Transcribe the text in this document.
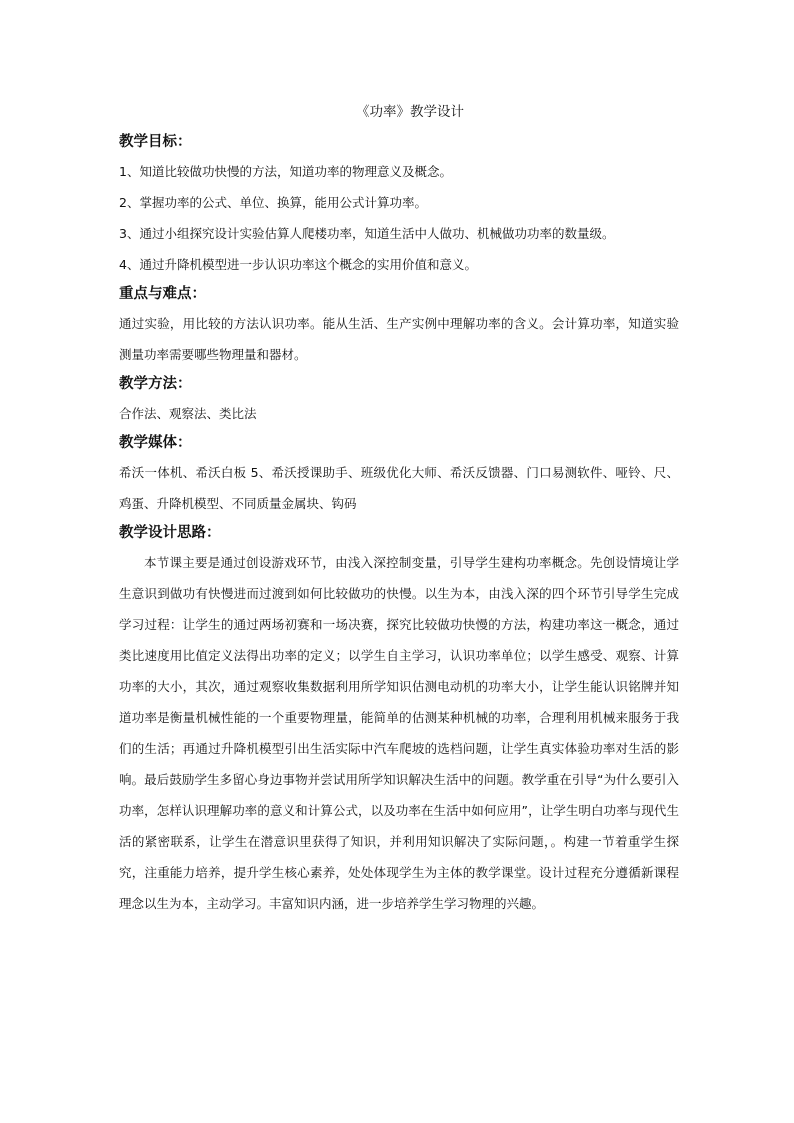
《功率》教学设计
教学目标：
1、知道比较做功快慢的方法，知道功率的物理意义及概念。
2、掌握功率的公式、单位、换算，能用公式计算功率。
3、通过小组探究设计实验估算人爬楼功率，知道生活中人做功、机械做功功率的数量级。
4、通过升降机模型进一步认识功率这个概念的实用价值和意义。
重点与难点：
通过实验，用比较的方法认识功率。能从生活、生产实例中理解功率的含义。会计算功率，知道实验测量功率需要哪些物理量和器材。
教学方法：
合作法、观察法、类比法
教学媒体：
希沃一体机、希沃白板 5、希沃授课助手、班级优化大师、希沃反馈器、门口易测软件、哑铃、尺、鸡蛋、升降机模型、不同质量金属块、钩码
教学设计思路：
本节课主要是通过创设游戏环节，由浅入深控制变量，引导学生建构功率概念。先创设情境让学生意识到做功有快慢进而过渡到如何比较做功的快慢。以生为本，由浅入深的四个环节引导学生完成学习过程：让学生的通过两场初赛和一场决赛，探究比较做功快慢的方法，构建功率这一概念，通过类比速度用比值定义法得出功率的定义；以学生自主学习，认识功率单位；以学生感受、观察、计算功率的大小，其次，通过观察收集数据利用所学知识估测电动机的功率大小，让学生能认识铭牌并知道功率是衡量机械性能的一个重要物理量，能简单的估测某种机械的功率，合理利用机械来服务于我们的生活；再通过升降机模型引出生活实际中汽车爬坡的选档问题，让学生真实体验功率对生活的影响。最后鼓励学生多留心身边事物并尝试用所学知识解决生活中的问题。教学重在引导“为什么要引入功率，怎样认识理解功率的意义和计算公式，以及功率在生活中如何应用”，让学生明白功率与现代生活的紧密联系，让学生在潜意识里获得了知识，并利用知识解决了实际问题，。构建一节着重学生探究，注重能力培养，提升学生核心素养，处处体现学生为主体的教学课堂。设计过程充分遵循新课程理念以生为本，主动学习。丰富知识内涵，进一步培养学生学习物理的兴趣。
